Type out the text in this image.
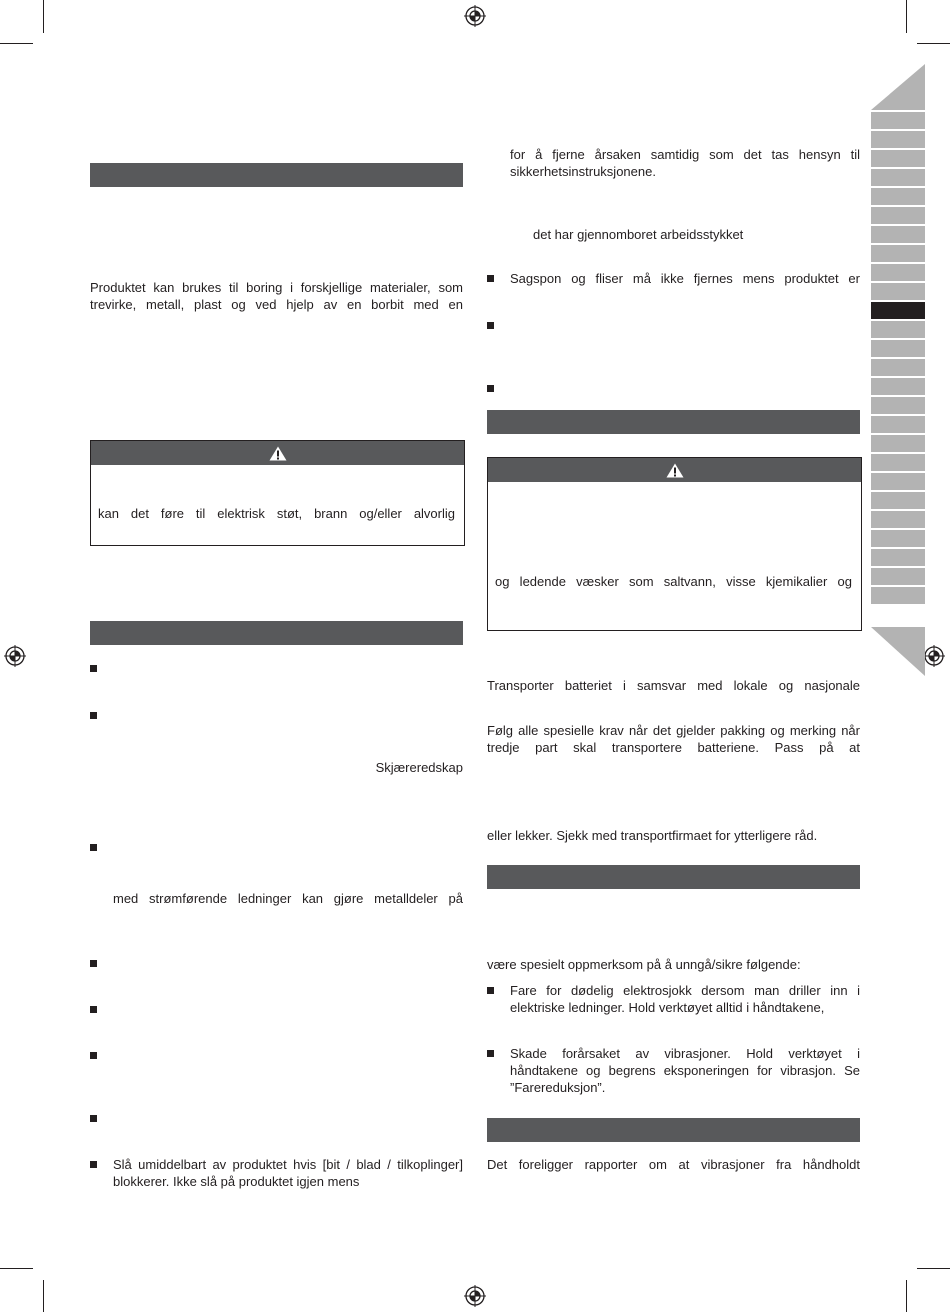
Produktet kan brukes til boring i forskjellige materialer, som trevirke, metall, plast og ved hjelp av en borbit med en
kan det føre til elektrisk støt, brann og/eller alvorlig
Skjæreredskap
med strømførende ledninger kan gjøre metalldeler på
Slå umiddelbart av produktet hvis [bit / blad / tilkoplinger] blokkerer. Ikke slå på produktet igjen mens
for å fjerne årsaken samtidig som det tas hensyn til sikkerhetsinstruksjonene.
det har gjennomboret arbeidsstykket
Sagspon og fliser må ikke fjernes mens produktet er
og ledende væsker som saltvann, visse kjemikalier og
Transporter batteriet i samsvar med lokale og nasjonale
Følg alle spesielle krav når det gjelder pakking og merking når tredje part skal transportere batteriene. Pass på at
eller lekker. Sjekk med transportfirmaet for ytterligere råd.
være spesielt oppmerksom på å unngå/sikre følgende:
Fare for dødelig elektrosjokk dersom man driller inn i elektriske ledninger. Hold verktøyet alltid i håndtakene,
Skade forårsaket av vibrasjoner. Hold verktøyet i håndtakene og begrens eksponeringen for vibrasjon. Se ”Farereduksjon”.
Det foreligger rapporter om at vibrasjoner fra håndholdt
